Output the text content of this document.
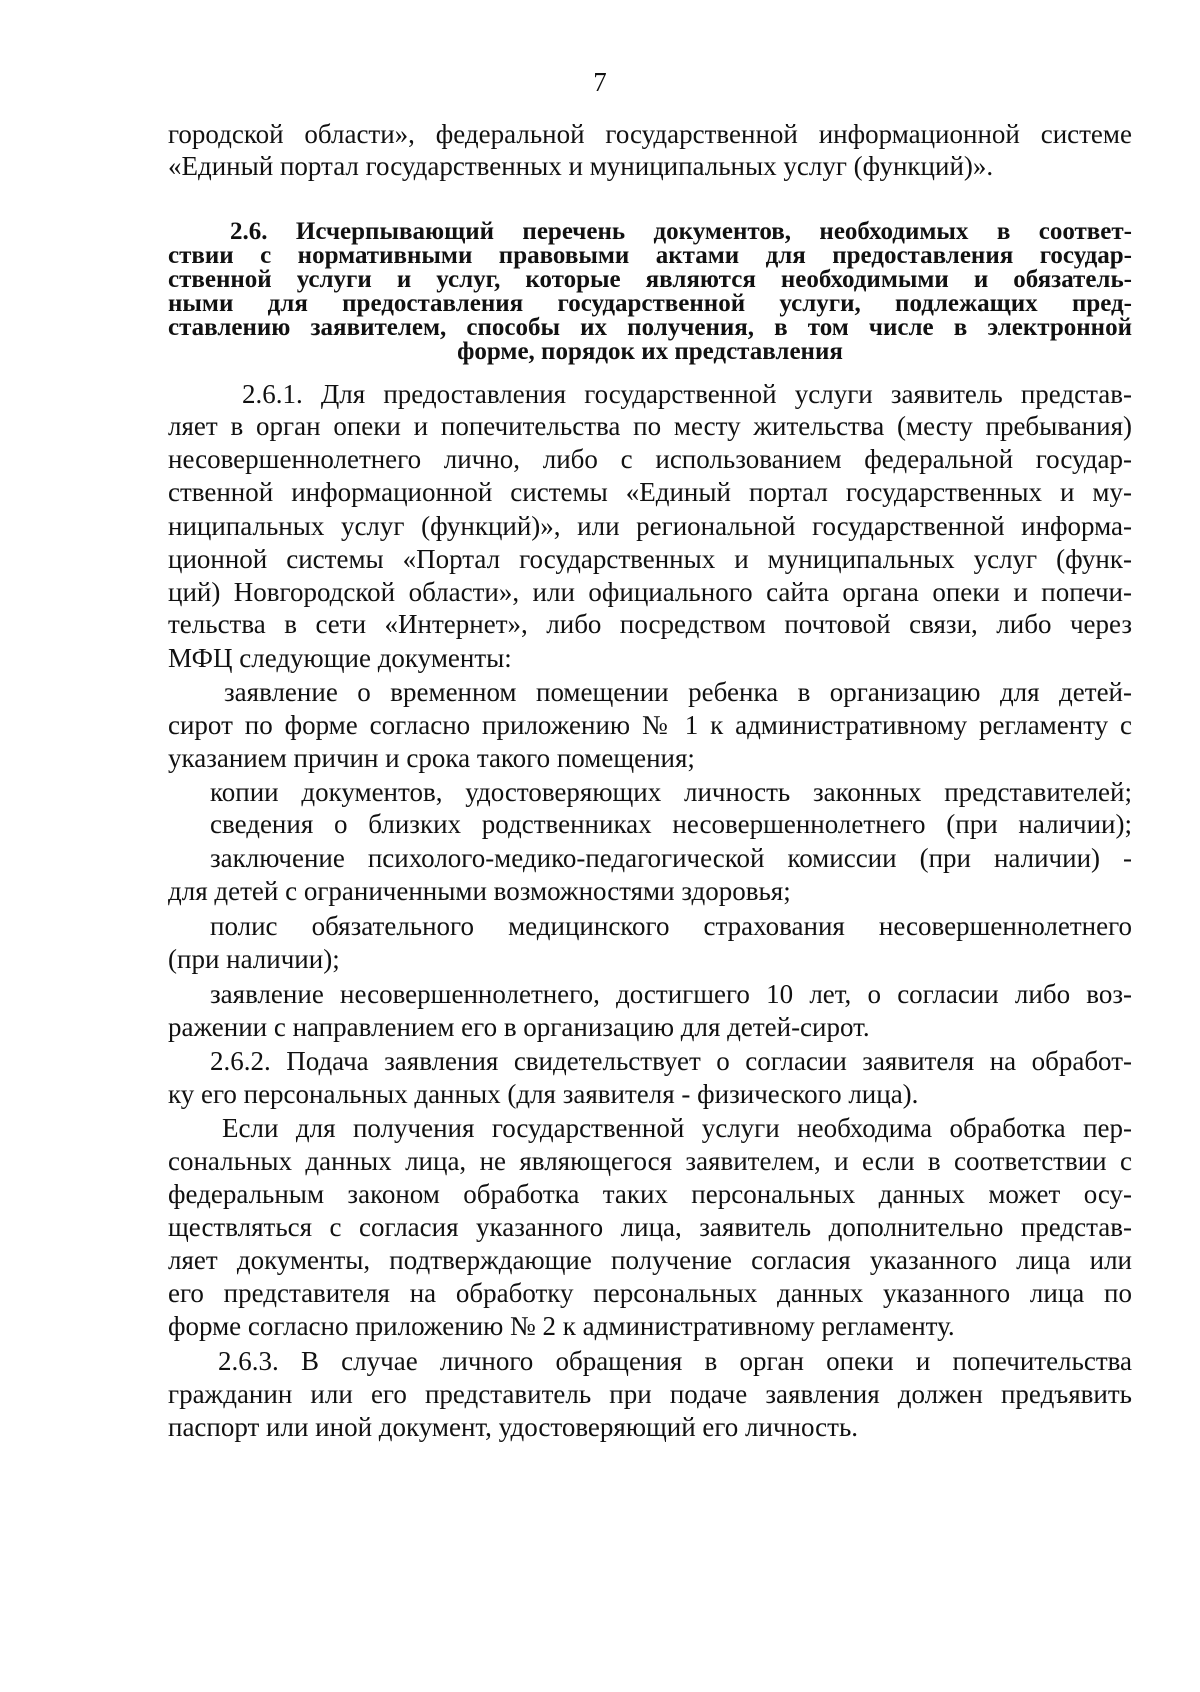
7
городской области», федеральной государственной информационной системе
«Единый портал государственных и муниципальных услуг (функций)».
2.6. Исчерпывающий перечень документов, необходимых в соответ-
ствии с нормативными правовыми актами для предоставления государ-
ственной услуги и услуг, которые являются необходимыми и обязатель-
ными для предоставления государственной услуги, подлежащих пред-
ставлению заявителем, способы их получения, в том числе в электронной
форме, порядок их представления
2.6.1. Для предоставления государственной услуги заявитель представ-
ляет в орган опеки и попечительства по месту жительства (месту пребывания)
несовершеннолетнего лично, либо с использованием федеральной государ-
ственной информационной системы «Единый портал государственных и му-
ниципальных услуг (функций)», или региональной государственной информа-
ционной системы «Портал государственных и муниципальных услуг (функ-
ций) Новгородской области», или официального сайта органа опеки и попечи-
тельства в сети «Интернет», либо посредством почтовой связи, либо через
МФЦ следующие документы:
заявление о временном помещении ребенка в организацию для детей-
сирот по форме согласно приложению № 1 к административному регламенту с
указанием причин и срока такого помещения;
копии документов, удостоверяющих личность законных представителей;
сведения о близких родственниках несовершеннолетнего (при наличии);
заключение психолого-медико-педагогической комиссии (при наличии) -
для детей с ограниченными возможностями здоровья;
полис обязательного медицинского страхования несовершеннолетнего
(при наличии);
заявление несовершеннолетнего, достигшего 10 лет, о согласии либо воз-
ражении с направлением его в организацию для детей-сирот.
2.6.2. Подача заявления свидетельствует о согласии заявителя на обработ-
ку его персональных данных (для заявителя - физического лица).
Если для получения государственной услуги необходима обработка пер-
сональных данных лица, не являющегося заявителем, и если в соответствии с
федеральным законом обработка таких персональных данных может осу-
ществляться с согласия указанного лица, заявитель дополнительно представ-
ляет документы, подтверждающие получение согласия указанного лица или
его представителя на обработку персональных данных указанного лица по
форме согласно приложению № 2 к административному регламенту.
2.6.3. В случае личного обращения в орган опеки и попечительства
гражданин или его представитель при подаче заявления должен предъявить
паспорт или иной документ, удостоверяющий его личность.
